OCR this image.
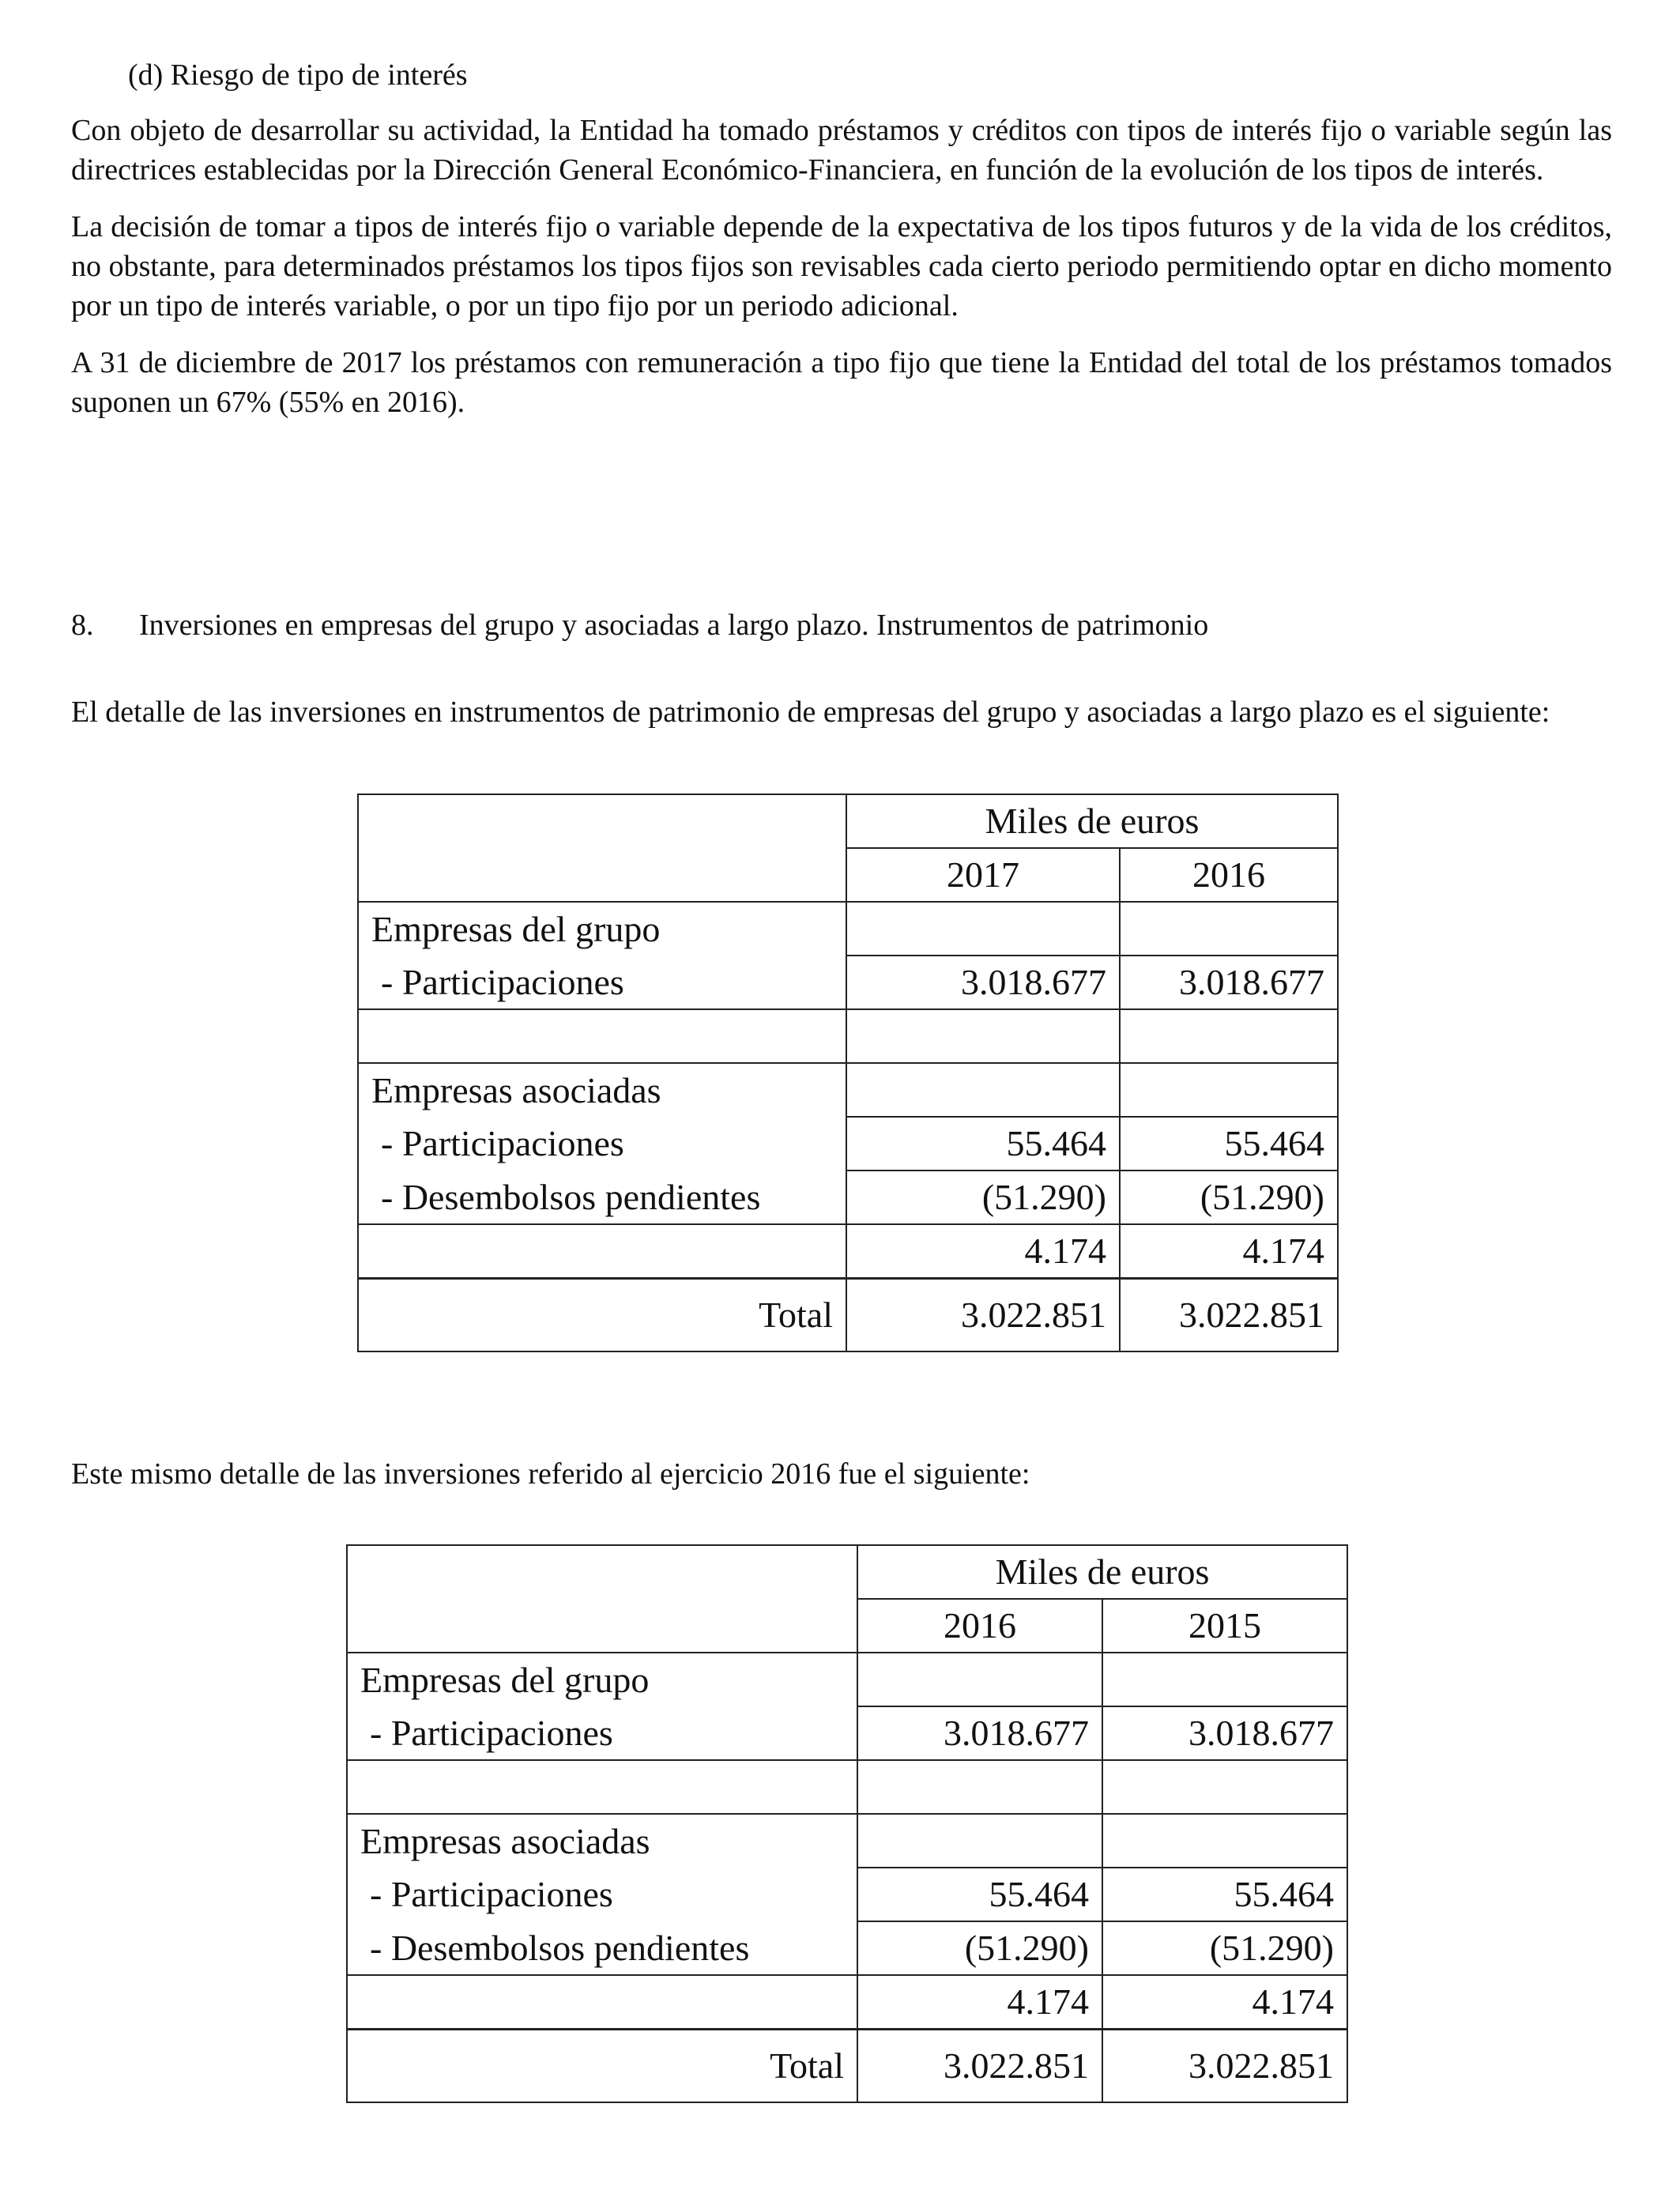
(d) Riesgo de tipo de interés

Con objeto de desarrollar su actividad, la Entidad ha tomado préstamos y créditos con tipos de interés fijo o variable según las directrices establecidas por la Dirección General Económico-Financiera, en función de la evolución de los tipos de interés.

La decisión de tomar a tipos de interés fijo o variable depende de la expectativa de los tipos futuros y de la vida de los créditos, no obstante, para determinados préstamos los tipos fijos son revisables cada cierto periodo permitiendo optar en dicho momento por un tipo de interés variable, o por un tipo fijo por un periodo adicional.

A 31 de diciembre de 2017 los préstamos con remuneración a tipo fijo que tiene la Entidad del total de los préstamos tomados suponen un 67% (55% en 2016).

8. Inversiones en empresas del grupo y asociadas a largo plazo. Instrumentos de patrimonio
El detalle de las inversiones en instrumentos de patrimonio de empresas del grupo y asociadas a largo plazo es el siguiente:
	Miles de euros	
	2017	2016
Empresas del grupo		
- Participaciones	3.018.677	3.018.677

Empresas asociadas		
- Participaciones	55.464	55.464
- Desembolsos pendientes	(51.290)	(51.290)
	4.174	4.174
Total	3.022.851	3.022.851
Este mismo detalle de las inversiones referido al ejercicio 2016 fue el siguiente:
	Miles de euros	
	2016	2015
Empresas del grupo		
- Participaciones	3.018.677	3.018.677

Empresas asociadas		
- Participaciones	55.464	55.464
- Desembolsos pendientes	(51.290)	(51.290)
	4.174	4.174
Total	3.022.851	3.022.851
